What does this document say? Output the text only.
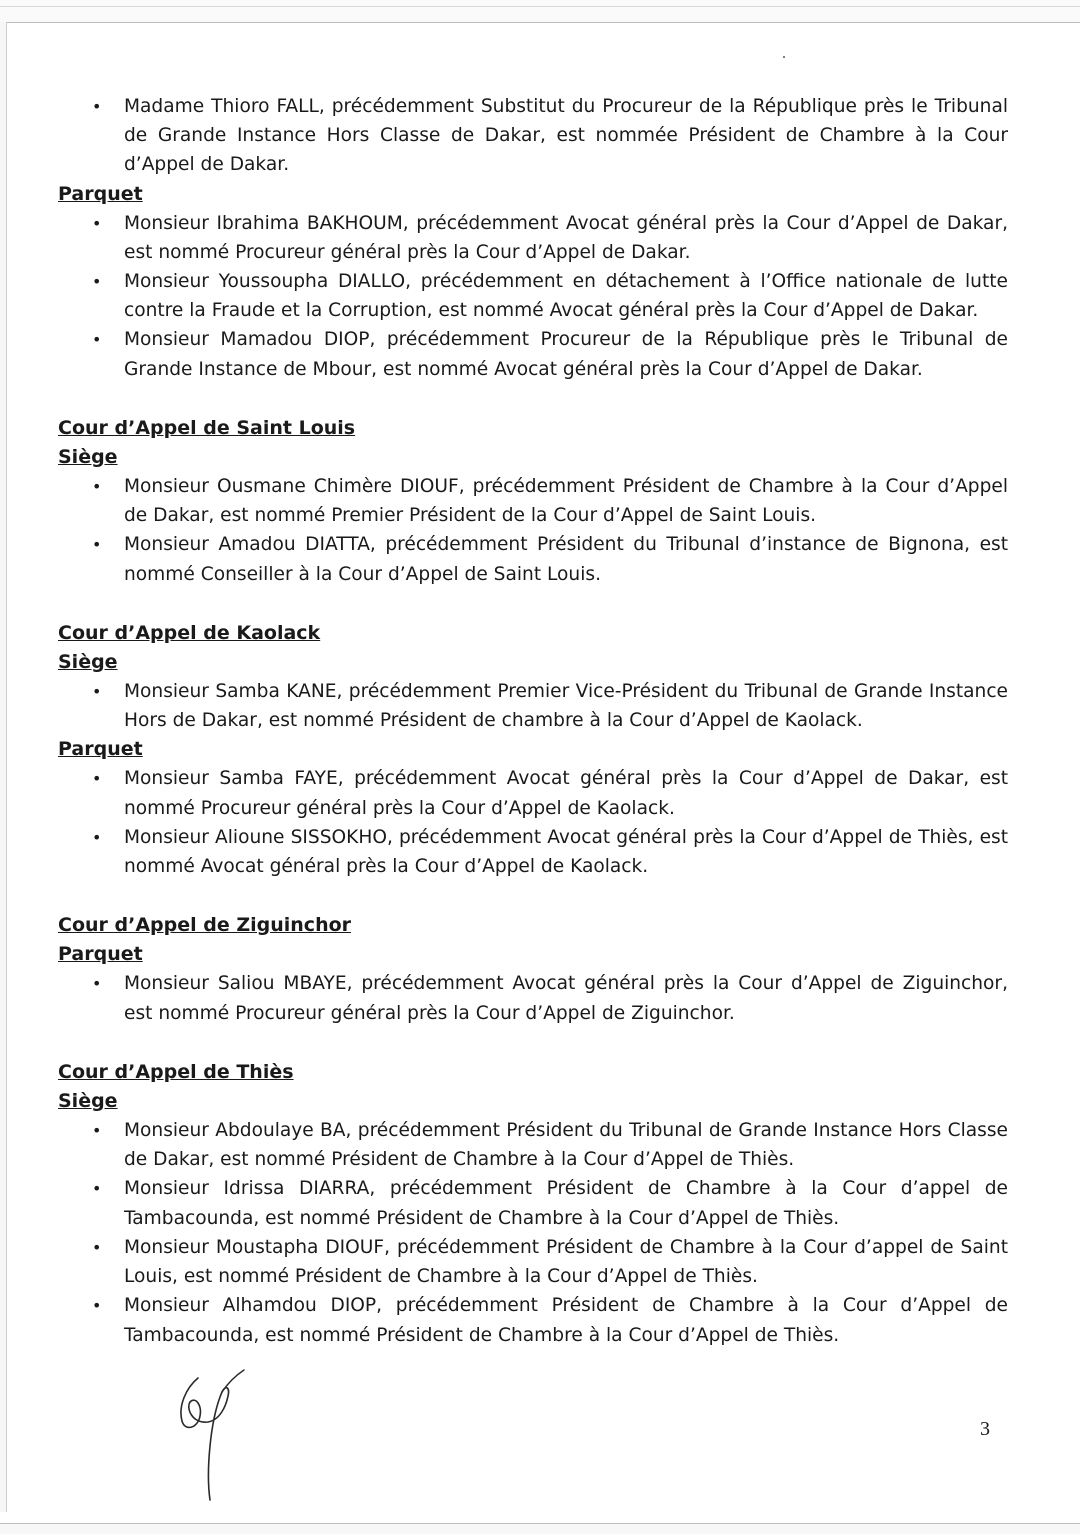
• Madame Thioro FALL, précédemment Substitut du Procureur de la République près le Tribunal de Grande Instance Hors Classe de Dakar, est nommée Président de Chambre à la Cour d’Appel de Dakar.

Parquet

• Monsieur Ibrahima BAKHOUM, précédemment Avocat général près la Cour d’Appel de Dakar, est nommé Procureur général près la Cour d’Appel de Dakar.
• Monsieur Youssoupha DIALLO, précédemment en détachement à l’Office nationale de lutte contre la Fraude et la Corruption, est nommé Avocat général près la Cour d’Appel de Dakar.
• Monsieur Mamadou DIOP, précédemment Procureur de la République près le Tribunal de Grande Instance de Mbour, est nommé Avocat général près la Cour d’Appel de Dakar.

Cour d’Appel de Saint Louis

Siège

• Monsieur Ousmane Chimère DIOUF, précédemment Président de Chambre à la Cour d’Appel de Dakar, est nommé Premier Président de la Cour d’Appel de Saint Louis.
• Monsieur Amadou DIATTA, précédemment Président du Tribunal d’instance de Bignona, est nommé Conseiller à la Cour d’Appel de Saint Louis.

Cour d’Appel de Kaolack

Siège

• Monsieur Samba KANE, précédemment Premier Vice-Président du Tribunal de Grande Instance Hors de Dakar, est nommé Président de chambre à la Cour d’Appel de Kaolack.

Parquet

• Monsieur Samba FAYE, précédemment Avocat général près la Cour d’Appel de Dakar, est nommé Procureur général près la Cour d’Appel de Kaolack.
• Monsieur Alioune SISSOKHO, précédemment Avocat général près la Cour d’Appel de Thiès, est nommé Avocat général près la Cour d’Appel de Kaolack.

Cour d’Appel de Ziguinchor

Parquet

• Monsieur Saliou MBAYE, précédemment Avocat général près la Cour d’Appel de Ziguinchor, est nommé Procureur général près la Cour d’Appel de Ziguinchor.

Cour d’Appel de Thiès

Siège

• Monsieur Abdoulaye BA, précédemment Président du Tribunal de Grande Instance Hors Classe de Dakar, est nommé Président de Chambre à la Cour d’Appel de Thiès.
• Monsieur Idrissa DIARRA, précédemment Président de Chambre à la Cour d’appel de Tambacounda, est nommé Président de Chambre à la Cour d’Appel de Thiès.
• Monsieur Moustapha DIOUF, précédemment Président de Chambre à la Cour d’appel de Saint Louis, est nommé Président de Chambre à la Cour d’Appel de Thiès.
• Monsieur Alhamdou DIOP, précédemment Président de Chambre à la Cour d’Appel de Tambacounda, est nommé Président de Chambre à la Cour d’Appel de Thiès.
3
